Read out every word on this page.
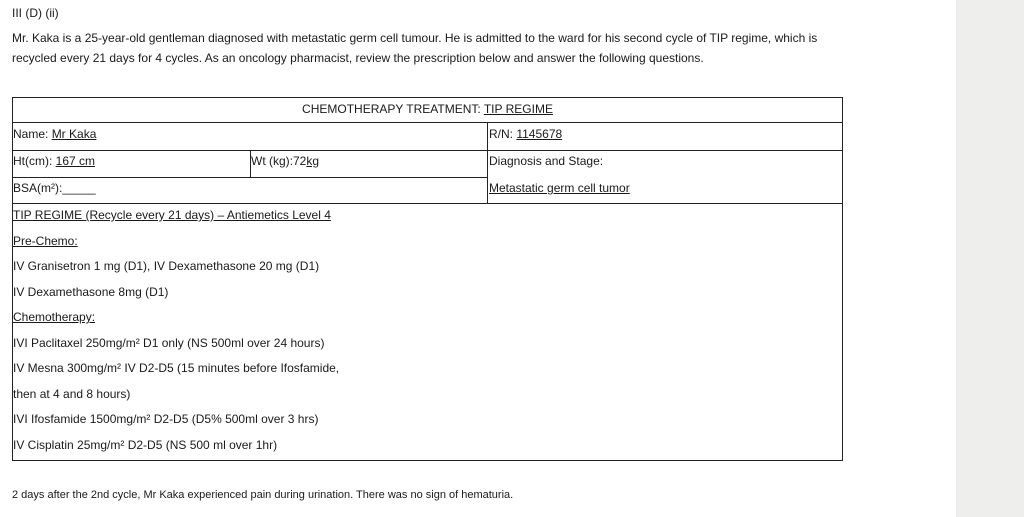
III (D) (ii)
Mr. Kaka is a 25-year-old gentleman diagnosed with metastatic germ cell tumour. He is admitted to the ward for his second cycle of TIP regime, which is
recycled every 21 days for 4 cycles. As an oncology pharmacist, review the prescription below and answer the following questions.
CHEMOTHERAPY TREATMENT: TIP REGIME
Name: Mr Kaka	R/N: 1145678
Ht(cm): 167 cm	Wt (kg):72kg	Diagnosis and Stage:
BSA(m²):_____	Metastatic germ cell tumor
TIP REGIME (Recycle every 21 days) – Antiemetics Level 4
Pre-Chemo:
IV Granisetron 1 mg (D1), IV Dexamethasone 20 mg (D1)
IV Dexamethasone 8mg (D1)
Chemotherapy:
IVI Paclitaxel 250mg/m² D1 only (NS 500ml over 24 hours)
IV Mesna 300mg/m² IV D2-D5 (15 minutes before Ifosfamide,
then at 4 and 8 hours)
IVI Ifosfamide 1500mg/m² D2-D5 (D5% 500ml over 3 hrs)
IV Cisplatin 25mg/m² D2-D5 (NS 500 ml over 1hr)
2 days after the 2nd cycle, Mr Kaka experienced pain during urination. There was no sign of hematuria.
